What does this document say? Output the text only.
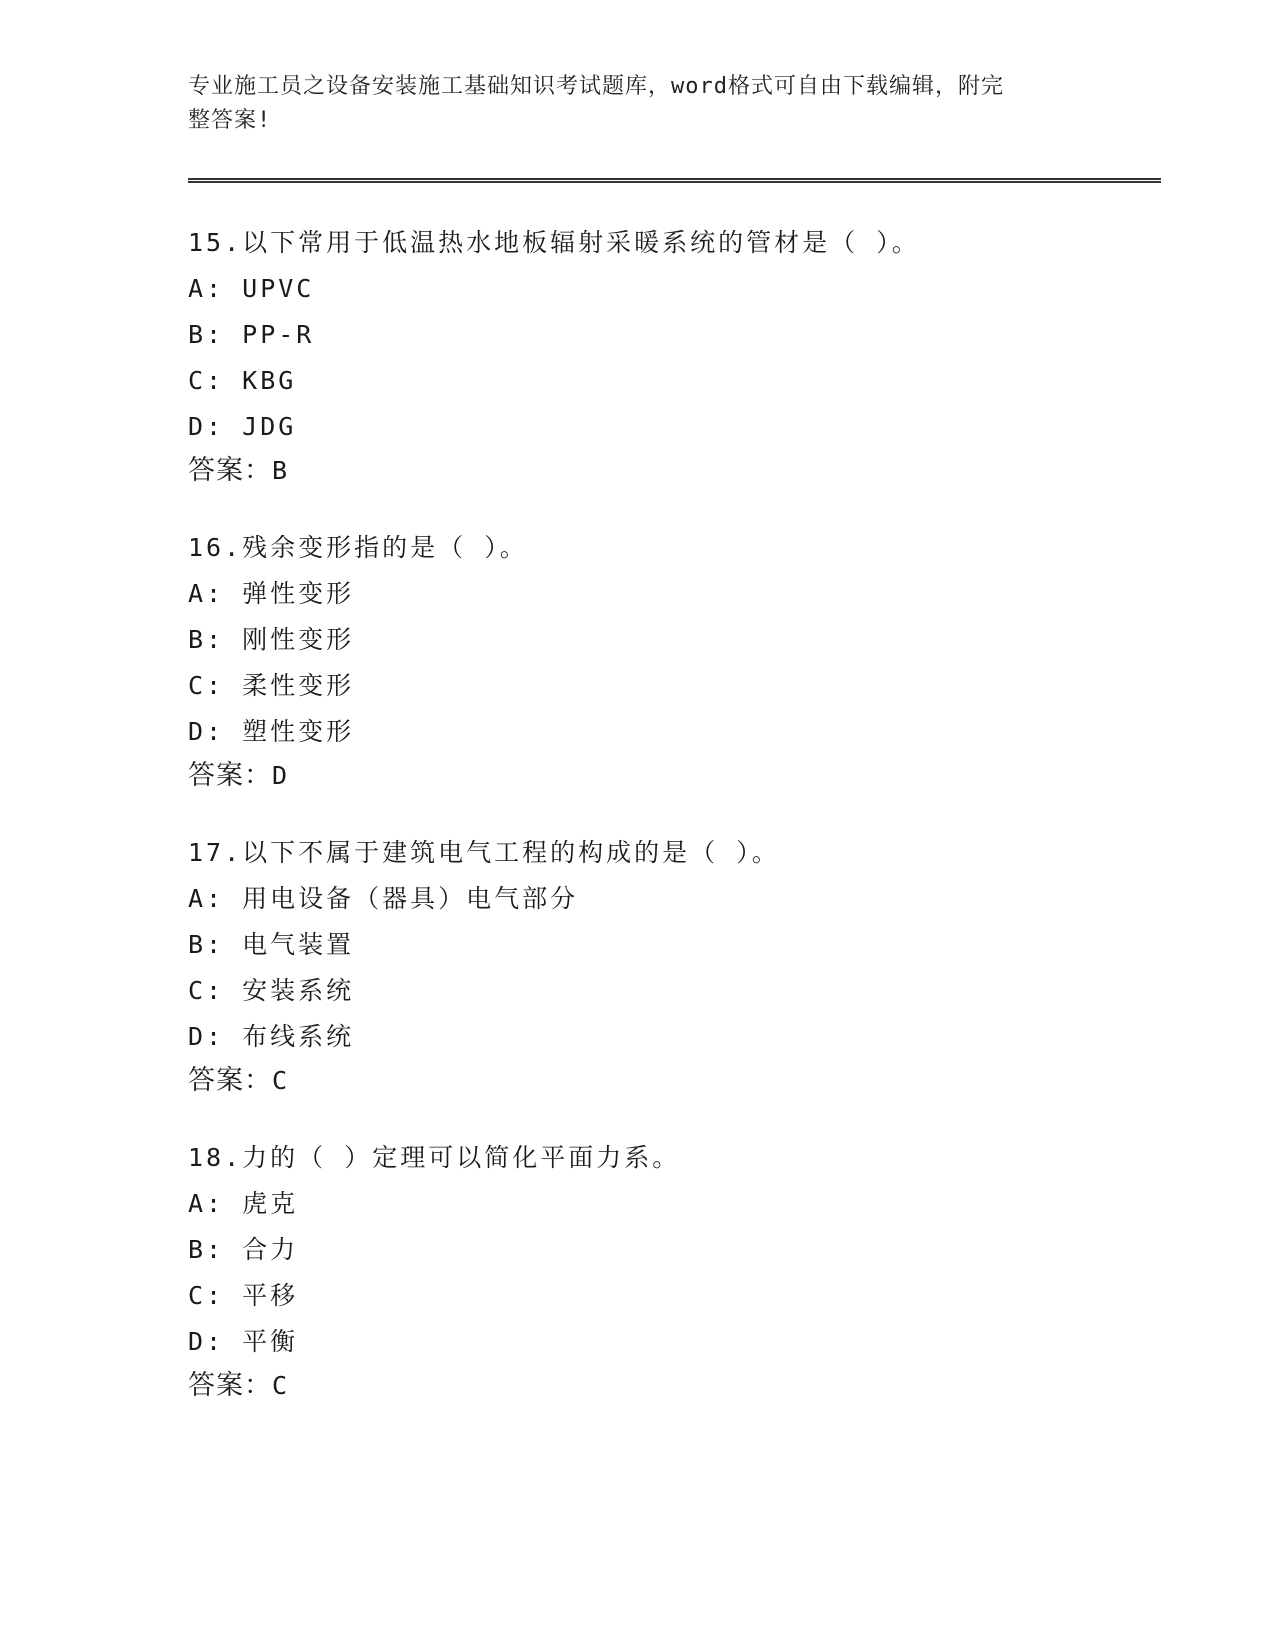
专业施工员之设备安装施工基础知识考试题库，word格式可自由下载编辑，附完
整答案!
15.以下常用于低温热水地板辐射采暖系统的管材是（ ）。
A: UPVC
B: PP-R
C: KBG
D: JDG
答案：B
16.残余变形指的是（ ）。
A: 弹性变形
B: 刚性变形
C: 柔性变形
D: 塑性变形
答案：D
17.以下不属于建筑电气工程的构成的是（ ）。
A: 用电设备（器具）电气部分
B: 电气装置
C: 安装系统
D: 布线系统
答案：C
18.力的（ ）定理可以简化平面力系。
A: 虎克
B: 合力
C: 平移
D: 平衡
答案：C
